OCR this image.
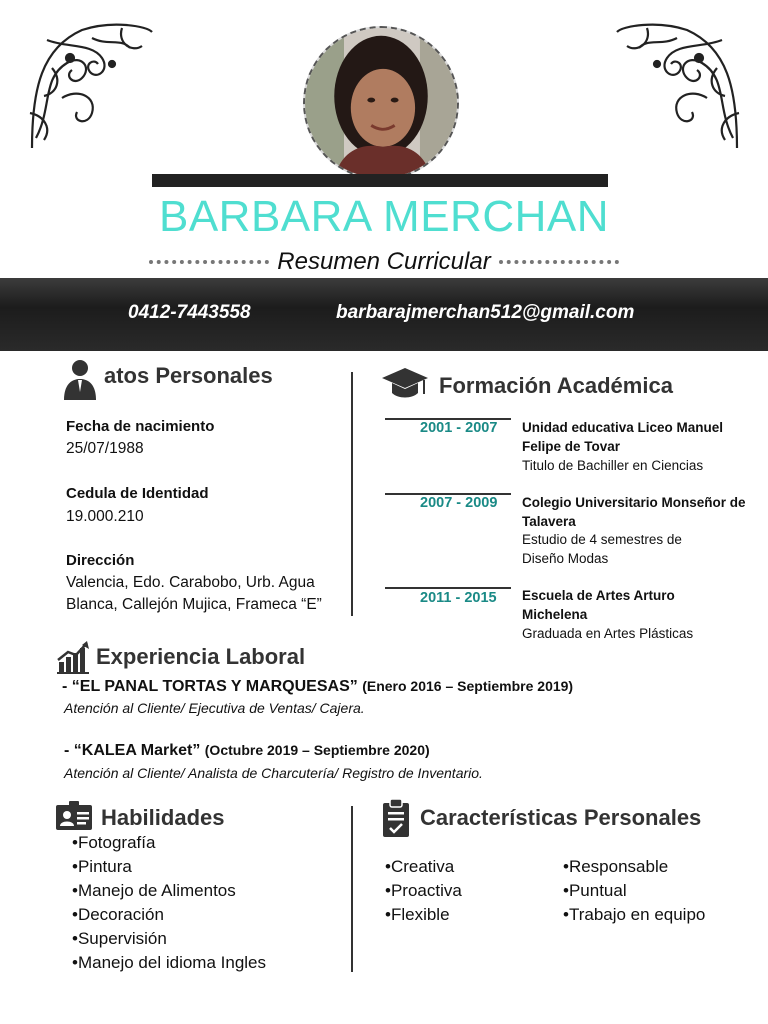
BARBARA MERCHAN
Resumen Curricular
0412-7443558	barbarajmerchan512@gmail.com
atos Personales
Fecha de nacimiento
25/07/1988
Cedula de Identidad
19.000.210
Dirección
Valencia, Edo. Carabobo, Urb. Agua
Blanca, Callejón Mujica, Frameca “E”
Formación Académica
2001 - 2007 Unidad educativa Liceo Manuel Felipe de Tovar
Titulo de Bachiller en Ciencias
2007 - 2009 Colegio Universitario Monseñor de Talavera
Estudio de 4 semestres de Diseño Modas
2011 - 2015 Escuela de Artes Arturo Michelena
Graduada en Artes Plásticas
Experiencia Laboral
- “EL PANAL TORTAS Y MARQUESAS” (Enero 2016 – Septiembre 2019)
Atención al Cliente/ Ejecutiva de Ventas/ Cajera.
- “KALEA Market” (Octubre 2019 – Septiembre 2020)
Atención al Cliente/ Analista de Charcutería/ Registro de Inventario.
Habilidades
•Fotografía
•Pintura
•Manejo de Alimentos
•Decoración
•Supervisión
•Manejo del idioma Ingles
Características Personales
•Creativa
•Proactiva
•Flexible
•Responsable
•Puntual
•Trabajo en equipo
